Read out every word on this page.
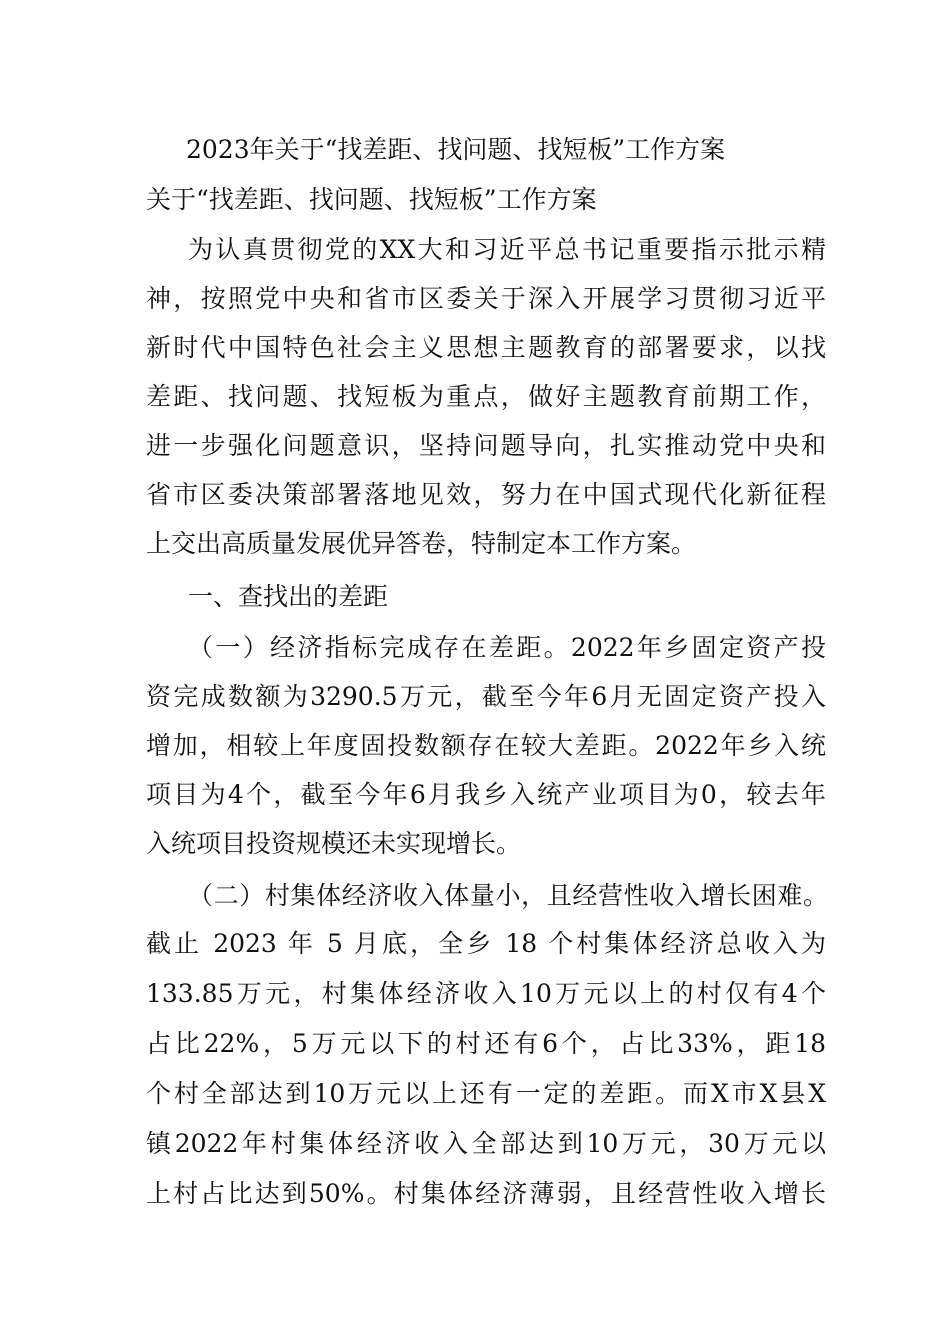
2023年关于“找差距、找问题、找短板”工作方案
关于“找差距、找问题、找短板”工作方案
为认真贯彻党的XX大和习近平总书记重要指示批示精
神，按照党中央和省市区委关于深入开展学习贯彻习近平
新时代中国特色社会主义思想主题教育的部署要求，以找
差距、找问题、找短板为重点，做好主题教育前期工作，
进一步强化问题意识，坚持问题导向，扎实推动党中央和
省市区委决策部署落地见效，努力在中国式现代化新征程
上交出高质量发展优异答卷，特制定本工作方案。
一、查找出的差距
（一）经济指标完成存在差距。2022年乡固定资产投
资完成数额为3290.5万元，截至今年6月无固定资产投入
增加，相较上年度固投数额存在较大差距。2022年乡入统
项目为4个，截至今年6月我乡入统产业项目为0，较去年
入统项目投资规模还未实现增长。
（二）村集体经济收入体量小，且经营性收入增长困难。
截止 2023 年 5 月底，全乡 18 个村集体经济总收入为
133.85万元，村集体经济收入10万元以上的村仅有4个
占比22%，5万元以下的村还有6个，占比33%，距18
个村全部达到10万元以上还有一定的差距。而X市X县X
镇2022年村集体经济收入全部达到10万元，30万元以
上村占比达到50%。村集体经济薄弱，且经营性收入增长
